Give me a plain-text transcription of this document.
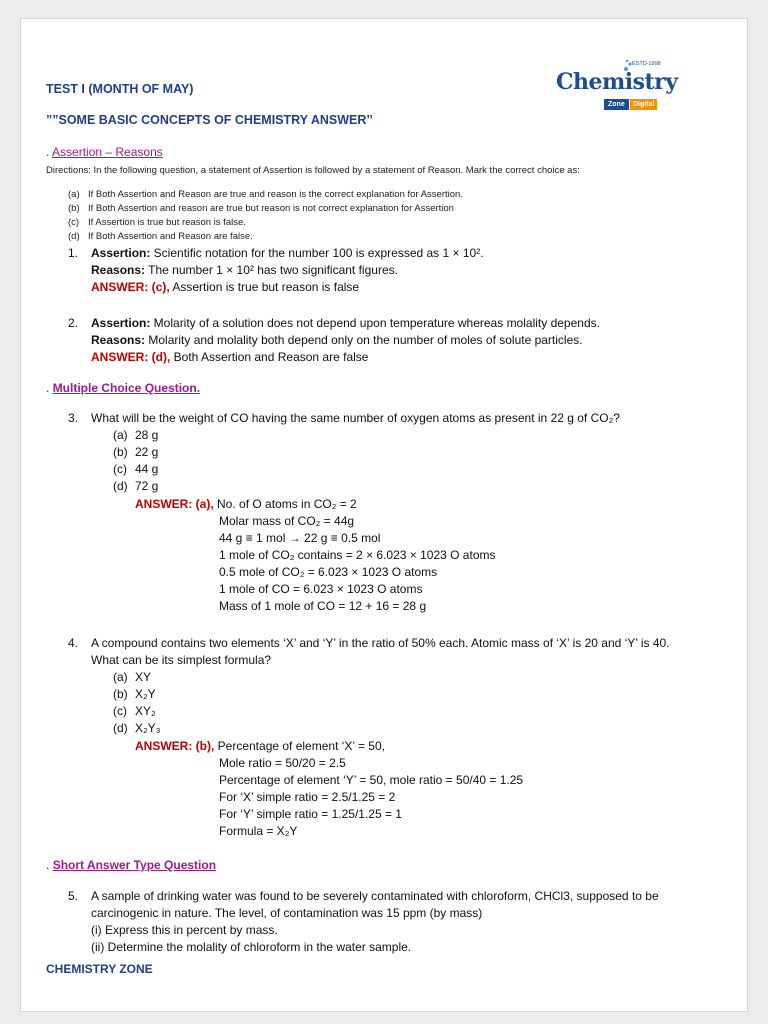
ESTD-1998
Chemistry
Zone	Digital
TEST I (MONTH OF MAY)
””SOME BASIC CONCEPTS OF CHEMISTRY ANSWER’’
. Assertion – Reasons
Directions: In the following question, a statement of Assertion is followed by a statement of Reason. Mark the correct choice as:
(a) If Both Assertion and Reason are true and reason is the correct explanation for Assertion.
(b) If Both Assertion and reason are true but reason is not correct explanation for Assertion
(c) If Assertion is true but reason is false.
(d) If Both Assertion and Reason are false.
1. Assertion: Scientific notation for the number 100 is expressed as 1 × 10².
Reasons: The number 1 × 10² has two significant figures.
ANSWER: (c), Assertion is true but reason is false
2. Assertion: Molarity of a solution does not depend upon temperature whereas molality depends.
Reasons: Molarity and molality both depend only on the number of moles of solute particles.
ANSWER: (d), Both Assertion and Reason are false
. Multiple Choice Question.
3. What will be the weight of CO having the same number of oxygen atoms as present in 22 g of CO₂?
(a) 28 g
(b) 22 g
(c) 44 g
(d) 72 g
ANSWER: (a), No. of O atoms in CO₂ = 2
Molar mass of CO₂ = 44g
44 g ≡ 1 mol → 22 g ≡ 0.5 mol
1 mole of CO₂ contains = 2 × 6.023 × 1023 O atoms
0.5 mole of CO₂ = 6.023 × 1023 O atoms
1 mole of CO = 6.023 × 1023 O atoms
Mass of 1 mole of CO = 12 + 16 = 28 g
4. A compound contains two elements ‘X’ and ‘Y’ in the ratio of 50% each. Atomic mass of ‘X’ is 20 and ‘Y’ is 40.
What can be its simplest formula?
(a) XY
(b) X₂Y
(c) XY₂
(d) X₂Y₃
ANSWER: (b), Percentage of element ‘X’ = 50,
Mole ratio = 50/20 = 2.5
Percentage of element ‘Y’ = 50, mole ratio = 50/40 = 1.25
For ‘X’ simple ratio = 2.5/1.25 = 2
For ‘Y’ simple ratio = 1.25/1.25 = 1
Formula = X₂Y
. Short Answer Type Question
5. A sample of drinking water was found to be severely contaminated with chloroform, CHCl3, supposed to be
carcinogenic in nature. The level, of contamination was 15 ppm (by mass)
(i) Express this in percent by mass.
(ii) Determine the molality of chloroform in the water sample.
CHEMISTRY ZONE
